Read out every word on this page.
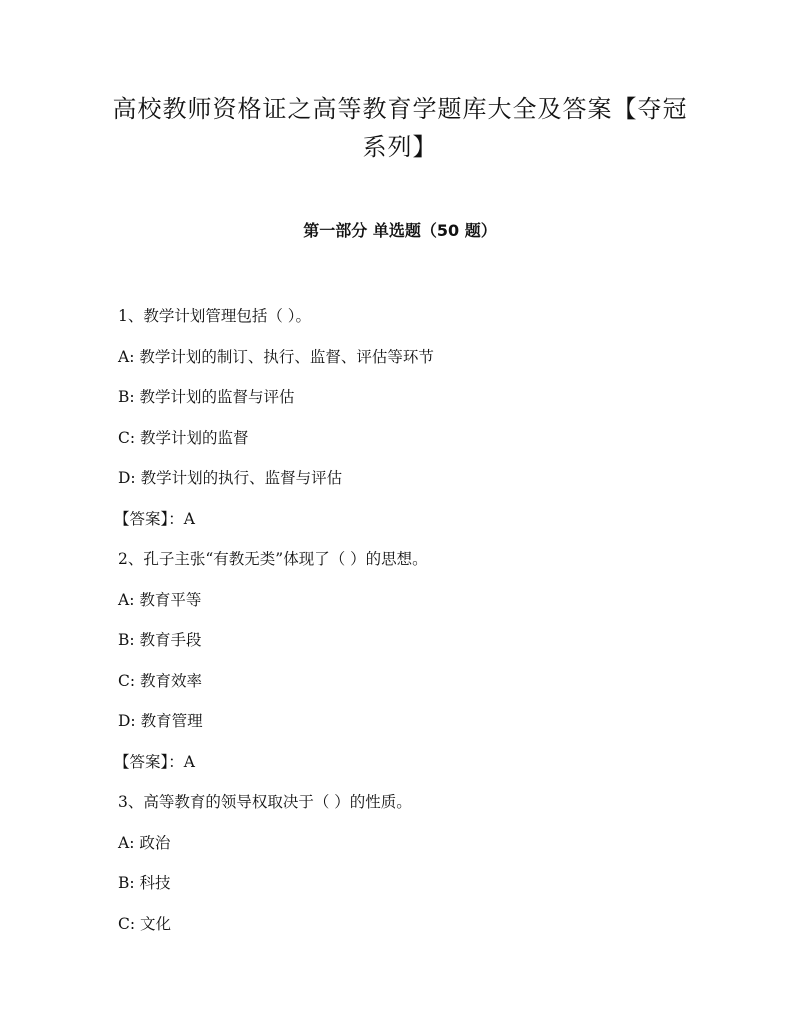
高校教师资格证之高等教育学题库大全及答案【夺冠
系列】
第一部分 单选题（50 题）
1、教学计划管理包括（ ）。
A: 教学计划的制订、执行、监督、评估等环节
B: 教学计划的监督与评估
C: 教学计划的监督
D: 教学计划的执行、监督与评估
【答案】：A
2、孔子主张“有教无类”体现了（ ）的思想。
A: 教育平等
B: 教育手段
C: 教育效率
D: 教育管理
【答案】：A
3、高等教育的领导权取决于（ ）的性质。
A: 政治
B: 科技
C: 文化
